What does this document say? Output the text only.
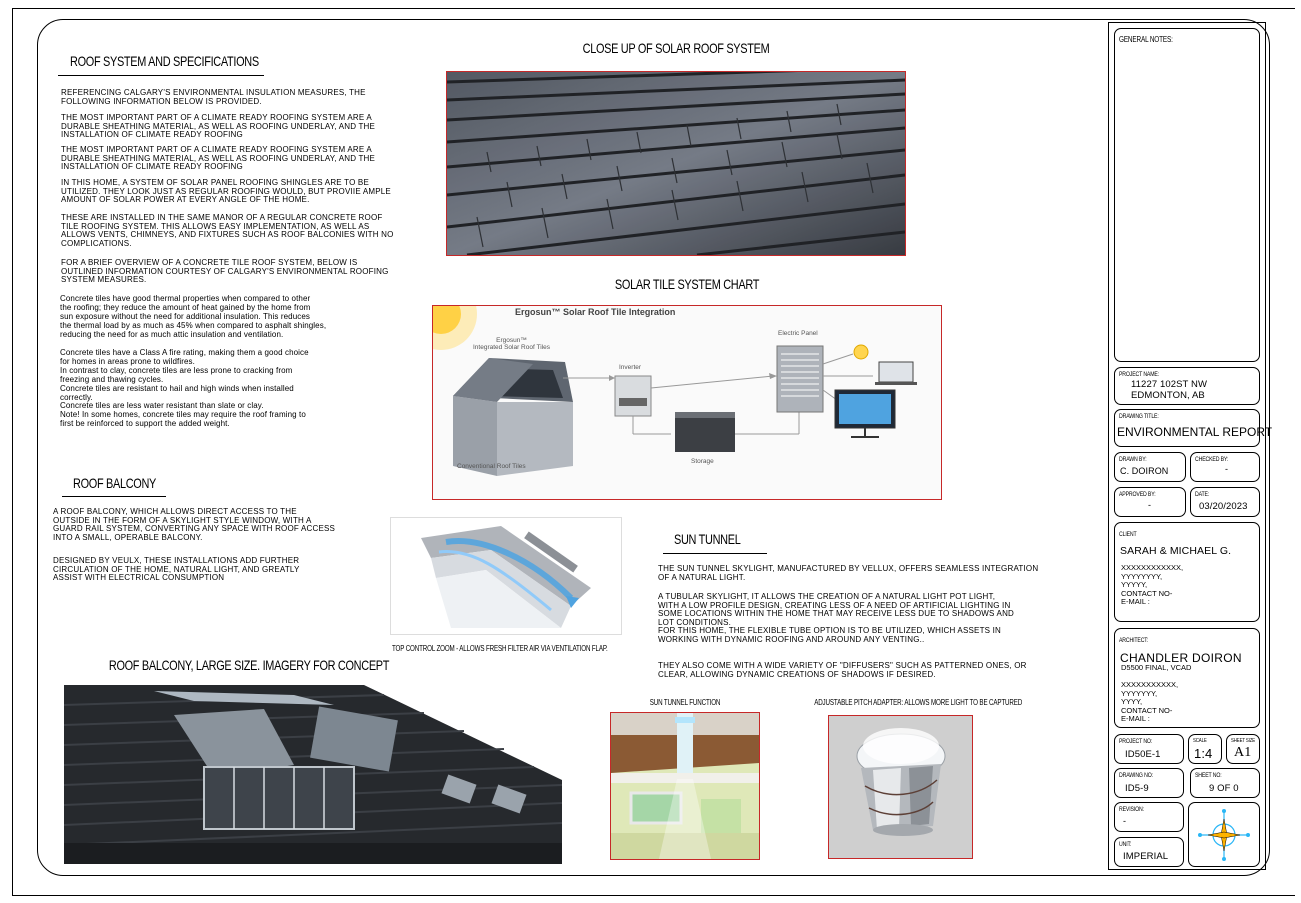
ROOF SYSTEM AND SPECIFICATIONS
REFERENCING CALGARY'S ENVIRONMENTAL INSULATION MEASURES, THE
FOLLOWING INFORMATION BELOW IS PROVIDED.
THE MOST IMPORTANT PART OF A CLIMATE READY ROOFING SYSTEM ARE A
DURABLE SHEATHING MATERIAL, AS WELL AS ROOFING UNDERLAY, AND THE
INSTALLATION OF CLIMATE READY ROOFING
THE MOST IMPORTANT PART OF A CLIMATE READY ROOFING SYSTEM ARE A
DURABLE SHEATHING MATERIAL, AS WELL AS ROOFING UNDERLAY, AND THE
INSTALLATION OF CLIMATE READY ROOFING
IN THIS HOME, A SYSTEM OF SOLAR PANEL ROOFING SHINGLES ARE TO BE
UTILIZED. THEY LOOK JUST AS REGULAR ROOFING WOULD, BUT PROVIIE AMPLE
AMOUNT OF SOLAR POWER AT EVERY ANGLE OF THE HOME.
THESE ARE INSTALLED IN THE SAME MANOR OF A REGULAR CONCRETE ROOF
TILE ROOFING SYSTEM. THIS ALLOWS EASY IMPLEMENTATION, AS WELL AS
ALLOWS VENTS, CHIMNEYS, AND FIXTURES SUCH AS ROOF BALCONIES WITH NO
COMPLICATIONS.
FOR A BRIEF OVERVIEW OF A CONCRETE TILE ROOF SYSTEM, BELOW IS
OUTLINED INFORMATION COURTESY OF CALGARY'S ENVIRONMENTAL ROOFING
SYSTEM MEASURES.
Concrete tiles have good thermal properties when compared to other
the roofing; they reduce the amount of heat gained by the home from
sun exposure without the need for additional insulation. This reduces
the thermal load by as much as 45% when compared to asphalt shingles,
reducing the need for as much attic insulation and ventilation.
Concrete tiles have a Class A fire rating, making them a good choice
for homes in areas prone to wildfires.
In contrast to clay, concrete tiles are less prone to cracking from
freezing and thawing cycles.
Concrete tiles are resistant to hail and high winds when installed
correctly.
Concrete tiles are less water resistant than slate or clay.
Note! In some homes, concrete tiles may require the roof framing to
first be reinforced to support the added weight.
ROOF BALCONY
A ROOF BALCONY, WHICH ALLOWS DIRECT ACCESS TO THE
OUTSIDE IN THE FORM OF A SKYLIGHT STYLE WINDOW, WITH A
GUARD RAIL SYSTEM, CONVERTING ANY SPACE WITH ROOF ACCESS
INTO A SMALL, OPERABLE BALCONY.
DESIGNED BY VEULX, THESE INSTALLATIONS ADD FURTHER
CIRCULATION OF THE HOME, NATURAL LIGHT, AND GREATLY
ASSIST WITH ELECTRICAL CONSUMPTION
CLOSE UP OF SOLAR ROOF SYSTEM
SOLAR TILE SYSTEM CHART
Ergosun™ Solar Roof Tile Integration
Ergosun™
Integrated Solar Roof Tiles
Inverter
Electric Panel
Storage
Conventional Roof Tiles
TOP CONTROL ZOOM - ALLOWS FRESH FILTER AIR VIA VENTILATION FLAP.
ROOF BALCONY, LARGE SIZE. IMAGERY FOR CONCEPT
SUN TUNNEL
THE SUN TUNNEL SKYLIGHT, MANUFACTURED BY VELLUX, OFFERS SEAMLESS INTEGRATION
OF A NATURAL LIGHT.
A TUBULAR SKYLIGHT, IT ALLOWS THE CREATION OF A NATURAL LIGHT POT LIGHT,
WITH A LOW PROFILE DESIGN, CREATING LESS OF A NEED OF ARTIFICIAL LIGHTING IN
SOME LOCATIONS WITHIN THE HOME THAT MAY RECEIVE LESS DUE TO SHADOWS AND
LOT CONDITIONS.
FOR THIS HOME, THE FLEXIBLE TUBE OPTION IS TO BE UTILIZED, WHICH ASSETS IN
WORKING WITH DYNAMIC ROOFING AND AROUND ANY VENTING..
THEY ALSO COME WITH A WIDE VARIETY OF "DIFFUSERS" SUCH AS PATTERNED ONES, OR
CLEAR, ALLOWING DYNAMIC CREATIONS OF SHADOWS IF DESIRED.
SUN TUNNEL FUNCTION	ADJUSTABLE PITCH ADAPTER: ALLOWS MORE LIGHT TO BE CAPTURED
GENERAL NOTES:
PROJECT NAME:
11227 102ST NW
EDMONTON, AB
DRAWING TITLE:
ENVIRONMENTAL REPORT
DRAWN BY:
C. DOIRON
CHECKED BY:
-
APPROVED BY:
-
DATE:
03/20/2023
CLIENT
SARAH & MICHAEL G.
XXXXXXXXXXXX,
YYYYYYYY,
YYYYY,
CONTACT NO-
E-MAIL :
ARCHITECT:
CHANDLER DOIRON
D5500 FINAL, VCAD
XXXXXXXXXXX,
YYYYYYY,
YYYY,
CONTACT NO-
E-MAIL :
PROJECT NO:
ID50E-1
SCALE
1:4
SHEET SIZE
A1
DRAWING NO:
ID5-9
SHEET NO:
9 OF 0
REVISION:
-
UNIT:
IMPERIAL
